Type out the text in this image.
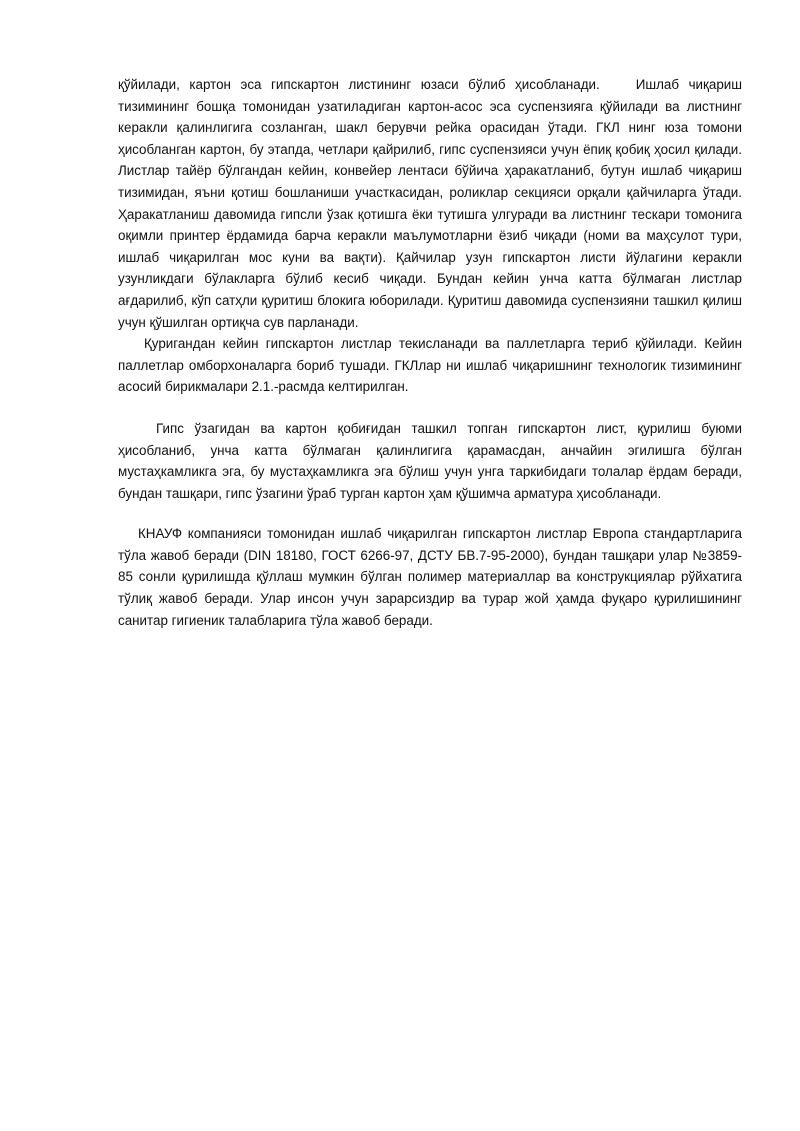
қўйилади, картон эса гипскартон листининг юзаси бўлиб ҳисобланади.	Ишлаб чиқариш тизимининг бошқа томонидан узатиладиган картон-асос эса суспензияга қўйилади ва листнинг керакли қалинлигига созланган, шакл берувчи рейка орасидан ўтади. ГКЛ нинг юза томони ҳисобланган картон, бу этапда, четлари қайрилиб, гипс суспензияси учун ёпиқ қобиқ ҳосил қилади. Листлар тайёр бўлгандан кейин, конвейер лентаси бўйича ҳаракатланиб, бутун ишлаб чиқариш тизимидан, яъни қотиш бошланиши участкасидан, роликлар секцияси орқали қайчиларга ўтади. Ҳаракатланиш давомида гипсли ўзак қотишга ёки тутишга улгуради ва листнинг тескари томонига оқимли принтер ёрдамида барча керакли маълумотларни ёзиб чиқади (номи ва маҳсулот тури, ишлаб чиқарилган мос куни ва вақти). Қайчилар узун гипскартон листи йўлагини керакли узунликдаги бўлакларга бўлиб кесиб чиқади. Бундан кейин унча катта бўлмаган листлар ағдарилиб, кўп сатҳли қуритиш блокига юборилади. Қуритиш давомида суспензияни ташкил қилиш учун қўшилган ортиқча сув парланади.

Қуригандан кейин гипскартон листлар текисланади ва паллетларга териб қўйилади. Кейин паллетлар омборхоналарга бориб тушади. ГКЛлар ни ишлаб чиқаришнинг технологик тизимининг асосий бирикмалари 2.1.-расмда келтирилган.

Гипс ўзагидан ва картон қобиғидан ташкил топган гипскартон лист, қурилиш буюми ҳисобланиб, унча катта бўлмаган қалинлигига қарамасдан, анчайин эгилишга бўлган мустаҳкамликга эга, бу мустаҳкамликга эга бўлиш учун унга таркибидаги толалар ёрдам беради, бундан ташқари, гипс ўзагини ўраб турган картон ҳам қўшимча арматура ҳисобланади.

КНАУФ компанияси томонидан ишлаб чиқарилган гипскартон листлар Европа стандартларига тўла жавоб беради (DIN 18180, ГОСТ 6266-97, ДСТУ БВ.7-95-2000), бундан ташқари улар №3859-85 сонли қурилишда қўллаш мумкин бўлган полимер материаллар ва конструкциялар рўйхатига тўлиқ жавоб беради. Улар инсон учун зарарсиздир ва турар жой ҳамда фуқаро қурилишининг санитар гигиеник талабларига тўла жавоб беради.
